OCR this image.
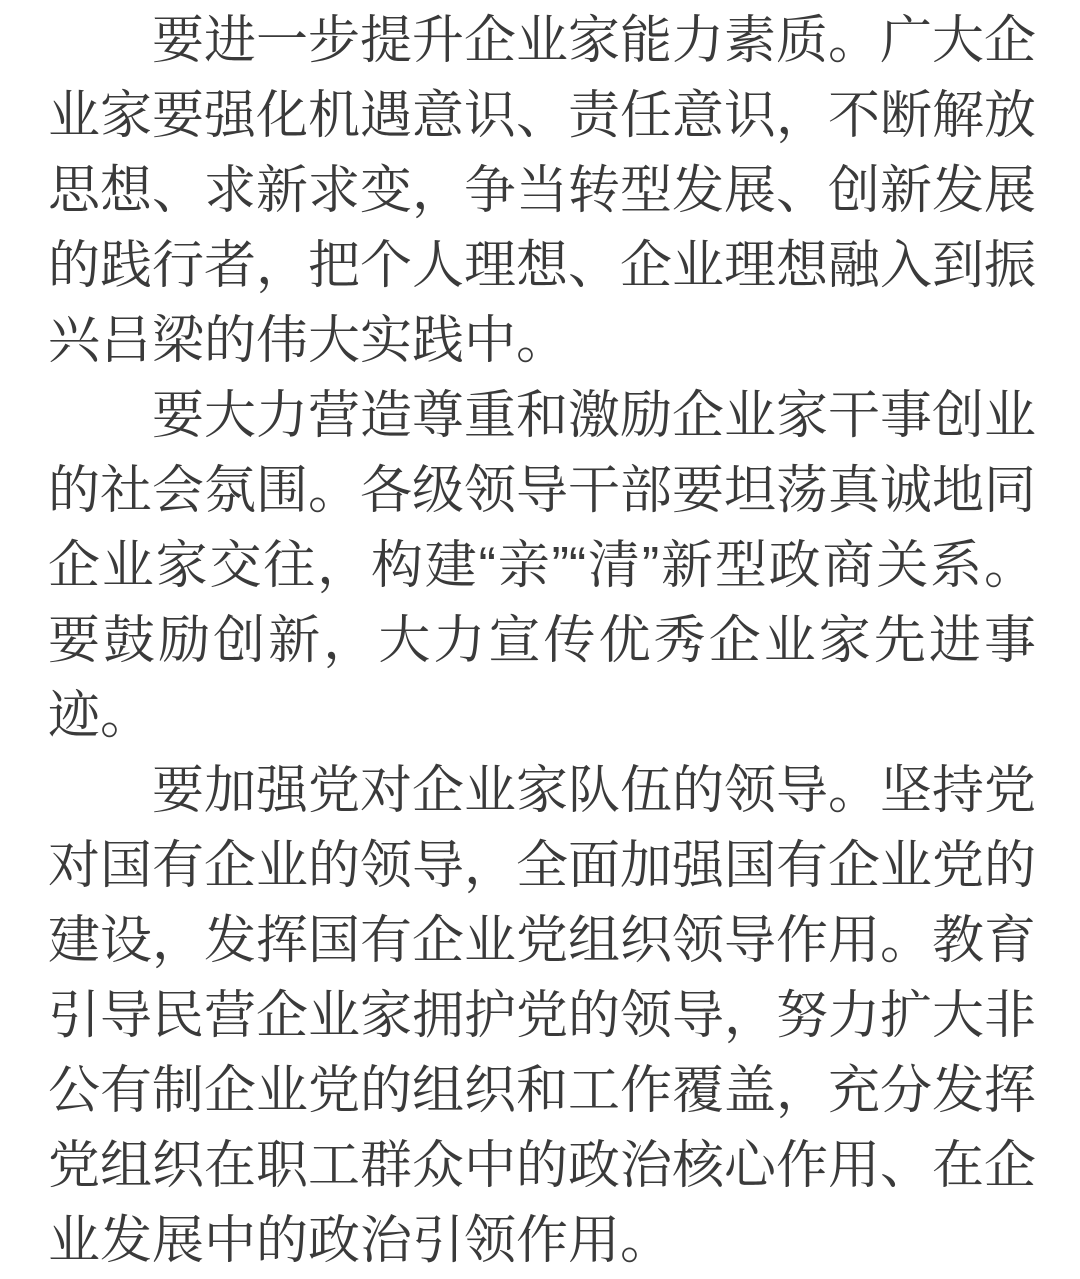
要进一步提升企业家能力素质。广大企业家要强化机遇意识、责任意识，不断解放思想、求新求变，争当转型发展、创新发展的践行者，把个人理想、企业理想融入到振兴吕梁的伟大实践中。

要大力营造尊重和激励企业家干事创业的社会氛围。各级领导干部要坦荡真诚地同企业家交往，构建“亲”“清”新型政商关系。要鼓励创新，大力宣传优秀企业家先进事迹。

要加强党对企业家队伍的领导。坚持党对国有企业的领导，全面加强国有企业党的建设，发挥国有企业党组织领导作用。教育引导民营企业家拥护党的领导，努力扩大非公有制企业党的组织和工作覆盖，充分发挥党组织在职工群众中的政治核心作用、在企业发展中的政治引领作用。
